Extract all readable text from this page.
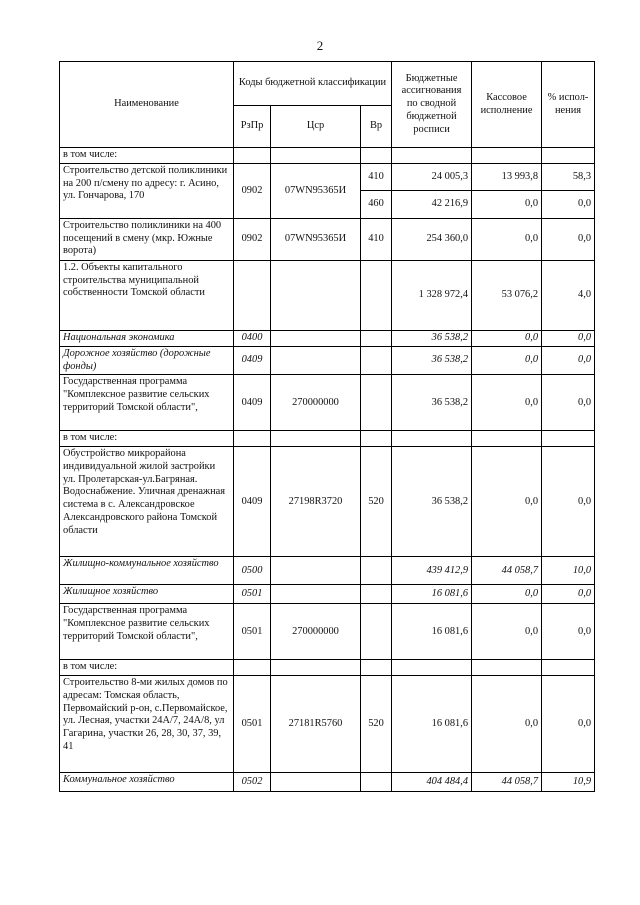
2
Наименование	Коды бюджетной классификации			Бюджетные ассигнования по сводной бюджетной росписи	Кассовое исполнение	% испол-нения
	РзПр	Цср	Вр			
в том числе:						
Строительство детской поликлиники на 200 п/смену по адресу: г. Асино, ул. Гончарова, 170	0902	07WN95365И	410	24 005,3	13 993,8	58,3
			460	42 216,9	0,0	0,0
Строительство поликлиники на 400 посещений в смену (мкр. Южные ворота)	0902	07WN95365И	410	254 360,0	0,0	0,0
1.2. Объекты капитального строительства муниципальной собственности Томской области				1 328 972,4	53 076,2	4,0
Национальная экономика	0400			36 538,2	0,0	0,0
Дорожное хозяйство (дорожные фонды)	0409			36 538,2	0,0	0,0
Государственная программа "Комплексное развитие сельских территорий Томской области",	0409	270000000		36 538,2	0,0	0,0
в том числе:						
Обустройство микрорайона индивидуальной жилой застройки ул. Пролетарская-ул.Багряная. Водоснабжение. Уличная дренажная система в с. Александровское Александровского района Томской области	0409	27198R3720	520	36 538,2	0,0	0,0
Жилищно-коммунальное хозяйство	0500			439 412,9	44 058,7	10,0
Жилищное хозяйство	0501			16 081,6	0,0	0,0
Государственная программа "Комплексное развитие сельских территорий Томской области",	0501	270000000		16 081,6	0,0	0,0
в том числе:						
Строительство 8-ми жилых домов по адресам: Томская область, Первомайский р-он, с.Первомайское, ул. Лесная, участки 24А/7, 24А/8, ул Гагарина, участки 26, 28, 30, 37, 39, 41	0501	27181R5760	520	16 081,6	0,0	0,0
Коммунальное хозяйство	0502			404 484,4	44 058,7	10,9
